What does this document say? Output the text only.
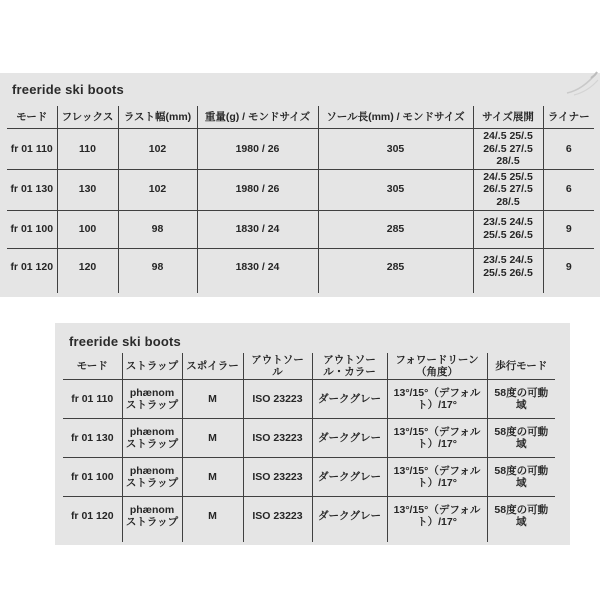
freeride ski boots
モード	フレックス	ラスト幅(mm)	重量(g) / モンドサイズ	ソール長(mm) / モンドサイズ	サイズ展開	ライナー
fr 01 110	110	102	1980 / 26	305	24/.5 25/.5 26/.5 27/.5 28/.5	6
fr 01 130	130	102	1980 / 26	305	24/.5 25/.5 26/.5 27/.5 28/.5	6
fr 01 100	100	98	1830 / 24	285	23/.5 24/.5 25/.5 26/.5	9
fr 01 120	120	98	1830 / 24	285	23/.5 24/.5 25/.5 26/.5	9

freeride ski boots
モード	ストラップ	スポイラー	アウトソール	アウトソール・カラー	フォワードリーン（角度）	歩行モード
fr 01 110	phænom ストラップ	M	ISO 23223	ダークグレー	13°/15°（デフォルト）/17°	58度の可動域
fr 01 130	phænom ストラップ	M	ISO 23223	ダークグレー	13°/15°（デフォルト）/17°	58度の可動域
fr 01 100	phænom ストラップ	M	ISO 23223	ダークグレー	13°/15°（デフォルト）/17°	58度の可動域
fr 01 120	phænom ストラップ	M	ISO 23223	ダークグレー	13°/15°（デフォルト）/17°	58度の可動域
